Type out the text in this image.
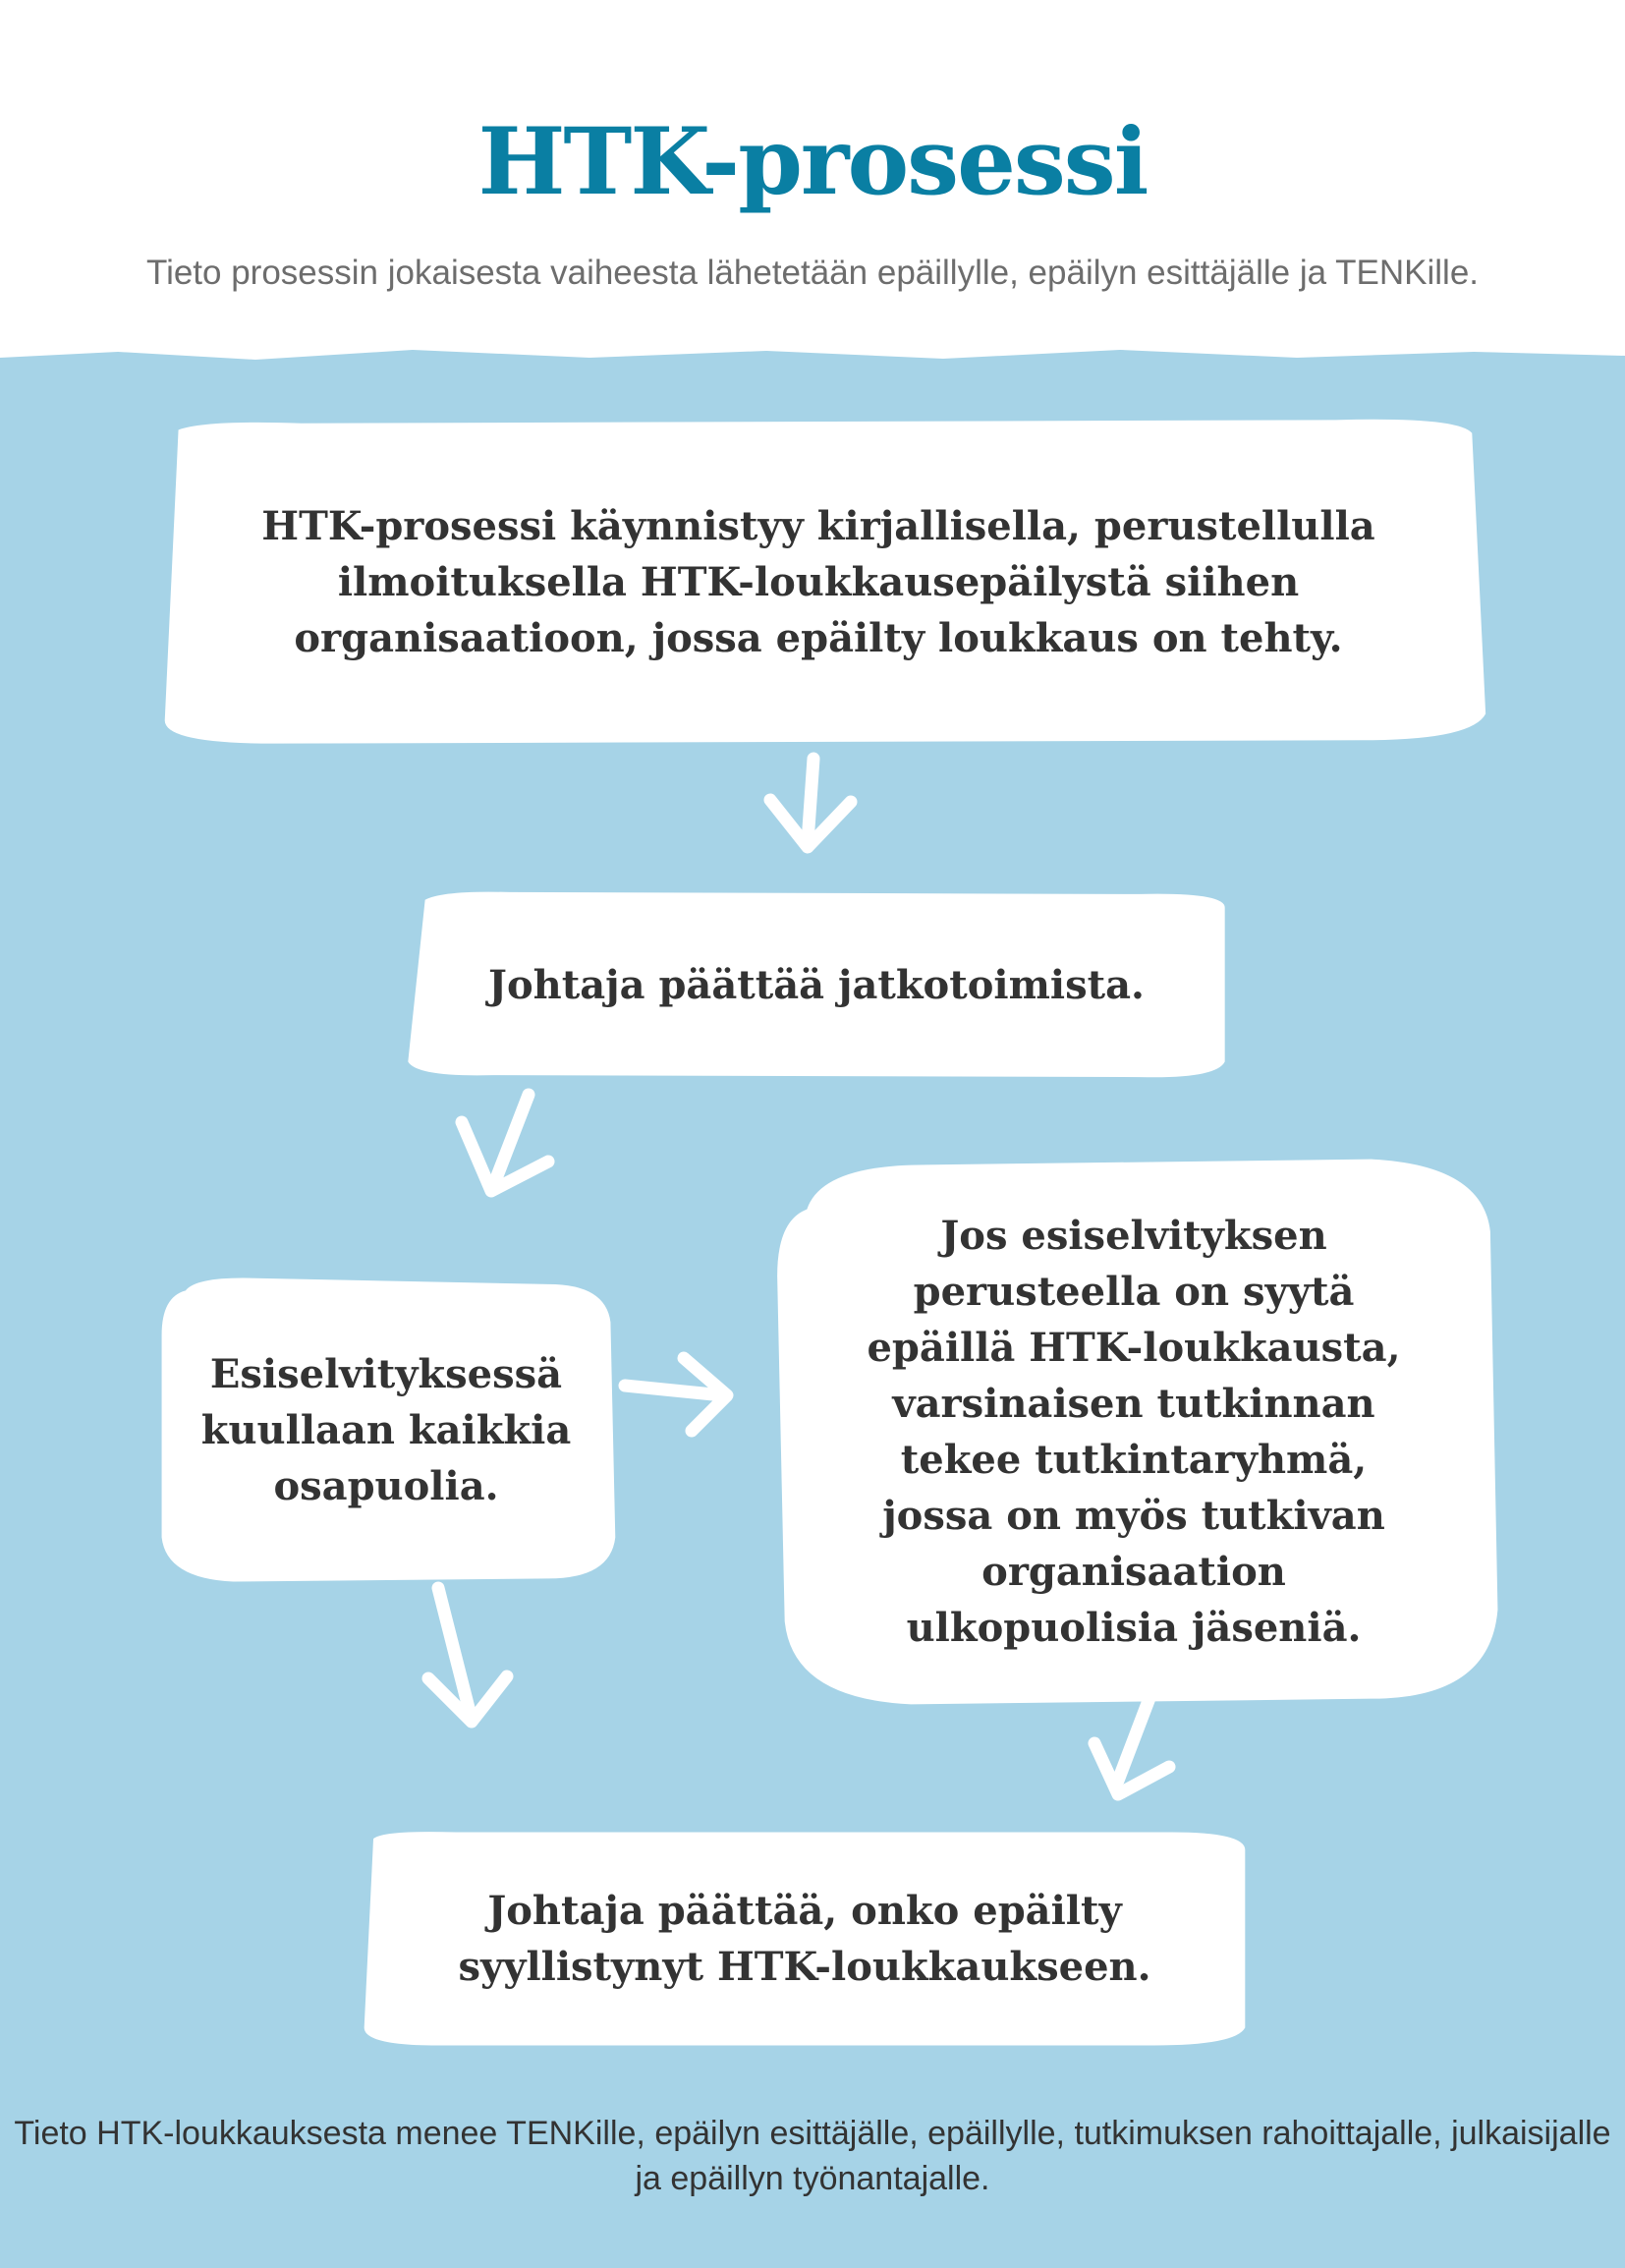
HTK-prosessi
Tieto prosessin jokaisesta vaiheesta lähetetään epäillylle, epäilyn esittäjälle ja TENKille.
HTK-prosessi käynnistyy kirjallisella, perustellulla ilmoituksella HTK-loukkausepäilystä siihen organisaatioon, jossa epäilty loukkaus on tehty.
Johtaja päättää jatkotoimista.
Esiselvityksessä kuullaan kaikkia osapuolia.
Jos esiselvityksen perusteella on syytä epäillä HTK-loukkausta, varsinaisen tutkinnan tekee tutkintaryhmä, jossa on myös tutkivan organisaation ulkopuolisia jäseniä.
Johtaja päättää, onko epäilty syyllistynyt HTK-loukkaukseen.
Tieto HTK-loukkauksesta menee TENKille, epäilyn esittäjälle, epäillylle, tutkimuksen rahoittajalle, julkaisijalle ja epäillyn työnantajalle.
